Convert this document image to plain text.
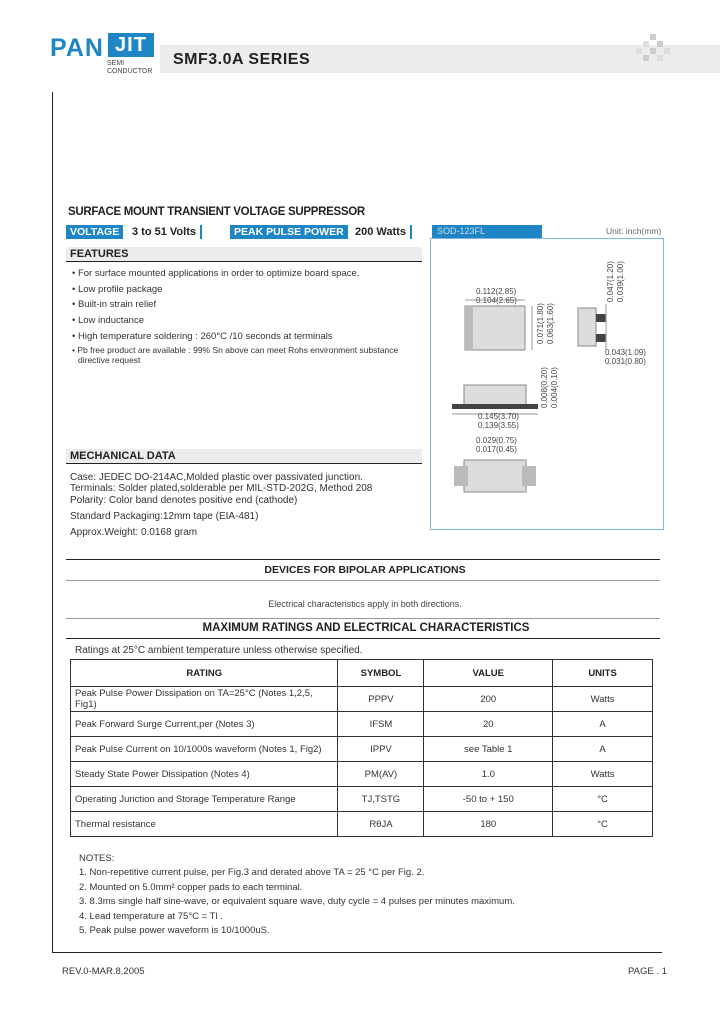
PAN JIT
SEMI
CONDUCTOR
SMF3.0A SERIES
SURFACE MOUNT TRANSIENT VOLTAGE SUPPRESSOR
VOLTAGE	3 to 51 Volts	PEAK PULSE POWER	200 Watts	SOD-123FL	Unit: inch(mm)
0.112(2.85)
0.104(2.65)
0.071(1.80) 0.063(1.60)
0.047(1.20) 0.039(1.00)
0.043(1.09)
0.031(0.80)
0.008(0.20) 0.004(0.10)
0.145(3.70)
0.139(3.55)
0.029(0.75)
0.017(0.45)
FEATURES
• For surface mounted applications in order to optimize board space.
• Low profile package
• Built-in strain relief
• Low inductance
• High temperature soldering : 260°C /10 seconds at terminals
• Pb free product are available : 99% Sn above can meet Rohs environment substance
directive request
MECHANICAL DATA
Case: JEDEC DO-214AC,Molded plastic over passivated junction.
Terminals: Solder plated,solderable per MIL-STD-202G, Method 208
Polarity: Color band denotes positive end (cathode)
Standard Packaging:12mm tape (EIA-481)
Approx.Weight: 0.0168 gram
DEVICES FOR BIPOLAR APPLICATIONS
Electrical characteristics apply in both directions.
MAXIMUM RATINGS AND ELECTRICAL CHARACTERISTICS
Ratings at 25°C ambient temperature unless otherwise specified.
RATING	SYMBOL	VALUE	UNITS
Peak Pulse Power Dissipation on TA=25°C (Notes 1,2,5, Fig1)	PPPV	200	Watts
Peak Forward Surge Current,per (Notes 3)	IFSM	20	A
Peak Pulse Current on 10/1000s waveform (Notes 1, Fig2)	IPPV	see Table 1	A
Steady State Power Dissipation (Notes 4)	PM(AV)	1.0	Watts
Operating Junction and Storage Temperature Range	TJ,TSTG	-50 to + 150	°C
Thermal resistance	RθJA	180	°C
NOTES:
1. Non-repetitive current pulse, per Fig.3 and derated above TA = 25 °C per Fig. 2.
2. Mounted on 5.0mm² copper pads to each terminal.
3. 8.3ms single half sine-wave, or equivalent square wave, duty cycle = 4 pulses per minutes maximum.
4. Lead temperature at 75°C = Tl .
5. Peak pulse power waveform is 10/1000uS.
REV.0-MAR.8.2005	PAGE . 1
